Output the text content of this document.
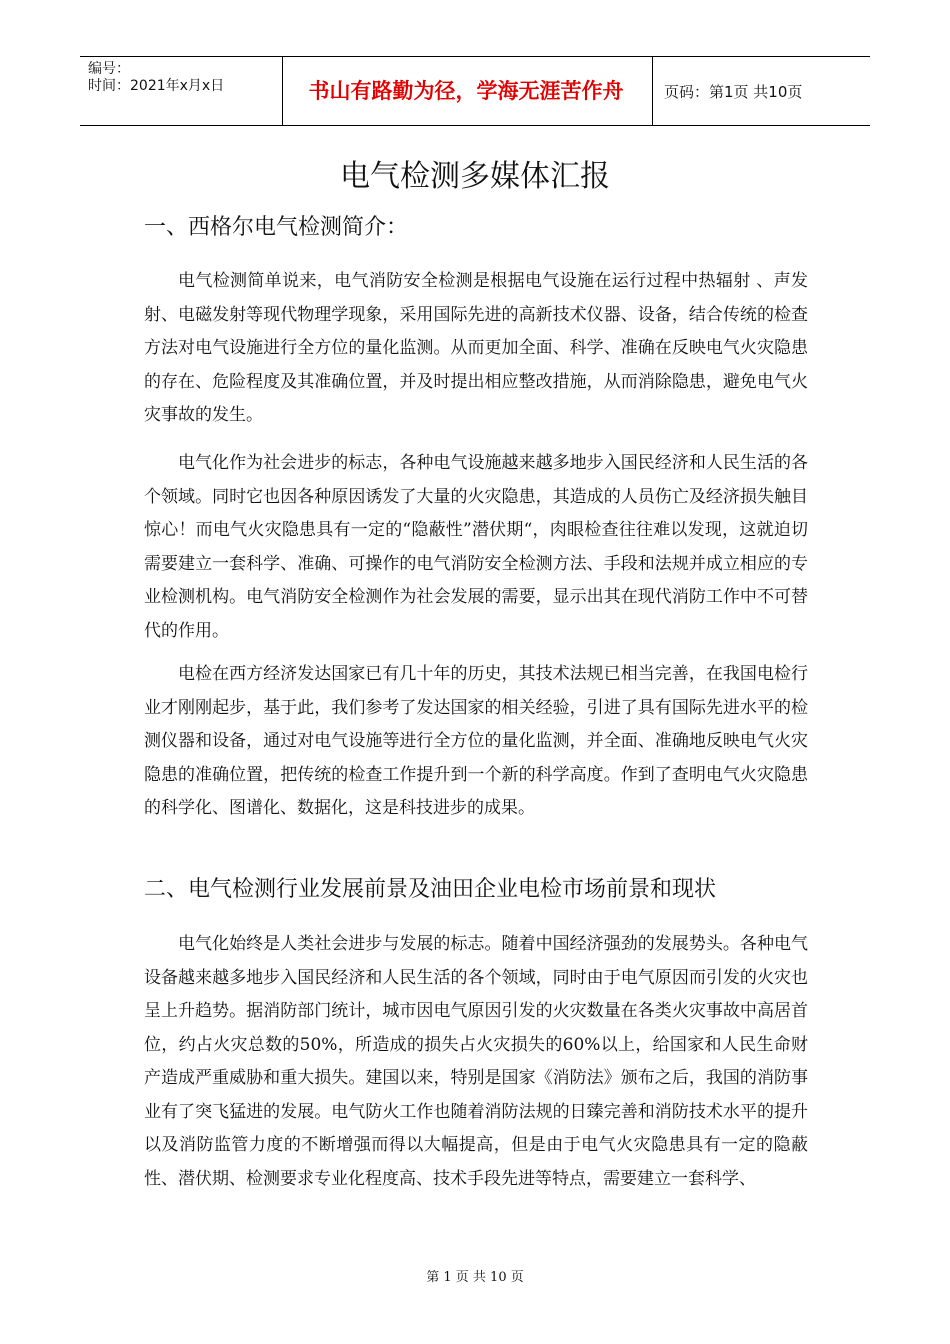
编号：
时间：2021年x月x日	书山有路勤为径，学海无涯苦作舟	页码：第1页 共10页
电气检测多媒体汇报
一、西格尔电气检测简介：

电气检测简单说来，电气消防安全检测是根据电气设施在运行过程中热辐射 、声发射、电磁发射等现代物理学现象，采用国际先进的高新技术仪器、设备，结合传统的检查方法对电气设施进行全方位的量化监测。从而更加全面、科学、准确在反映电气火灾隐患的存在、危险程度及其准确位置，并及时提出相应整改措施，从而消除隐患，避免电气火灾事故的发生。

电气化作为社会进步的标志，各种电气设施越来越多地步入国民经济和人民生活的各个领域。同时它也因各种原因诱发了大量的火灾隐患，其造成的人员伤亡及经济损失触目惊心！而电气火灾隐患具有一定的“隐蔽性”潜伏期“，肉眼检查往往难以发现，这就迫切需要建立一套科学、准确、可操作的电气消防安全检测方法、手段和法规并成立相应的专业检测机构。电气消防安全检测作为社会发展的需要，显示出其在现代消防工作中不可替代的作用。

电检在西方经济发达国家已有几十年的历史，其技术法规已相当完善，在我国电检行业才刚刚起步，基于此，我们参考了发达国家的相关经验，引进了具有国际先进水平的检测仪器和设备，通过对电气设施等进行全方位的量化监测，并全面、准确地反映电气火灾隐患的准确位置，把传统的检查工作提升到一个新的科学高度。作到了查明电气火灾隐患的科学化、图谱化、数据化，这是科技进步的成果。

二、电气检测行业发展前景及油田企业电检市场前景和现状

电气化始终是人类社会进步与发展的标志。随着中国经济强劲的发展势头。各种电气设备越来越多地步入国民经济和人民生活的各个领域，同时由于电气原因而引发的火灾也呈上升趋势。据消防部门统计，城市因电气原因引发的火灾数量在各类火灾事故中高居首位，约占火灾总数的50%，所造成的损失占火灾损失的60%以上，给国家和人民生命财产造成严重威胁和重大损失。建国以来，特别是国家《消防法》颁布之后，我国的消防事业有了突飞猛进的发展。电气防火工作也随着消防法规的日臻完善和消防技术水平的提升以及消防监管力度的不断增强而得以大幅提高，但是由于电气火灾隐患具有一定的隐蔽性、潜伏期、检测要求专业化程度高、技术手段先进等特点，需要建立一套科学、

第 1 页 共 10 页
